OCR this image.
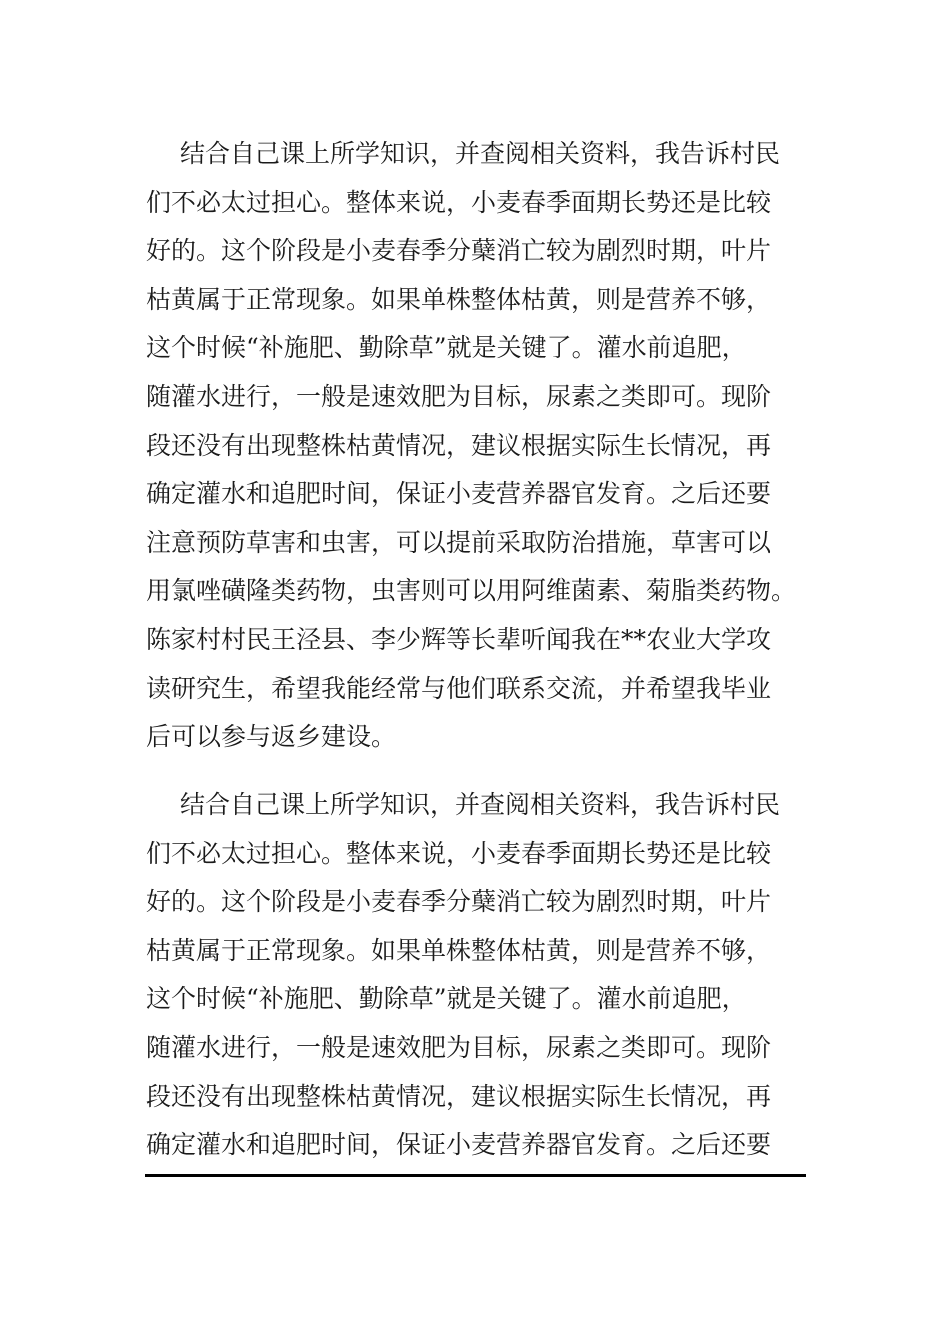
结合自己课上所学知识，并查阅相关资料，我告诉村民
们不必太过担心。整体来说，小麦春季面期长势还是比较
好的。这个阶段是小麦春季分蘖消亡较为剧烈时期，叶片
枯黄属于正常现象。如果单株整体枯黄，则是营养不够，
这个时候“补施肥、勤除草”就是关键了。灌水前追肥，
随灌水进行，一般是速效肥为目标，尿素之类即可。现阶
段还没有出现整株枯黄情况，建议根据实际生长情况，再
确定灌水和追肥时间，保证小麦营养器官发育。之后还要
注意预防草害和虫害，可以提前采取防治措施，草害可以
用氯唑磺隆类药物，虫害则可以用阿维菌素、菊脂类药物。
陈家村村民王泾县、李少辉等长辈听闻我在**农业大学攻
读研究生，希望我能经常与他们联系交流，并希望我毕业
后可以参与返乡建设。
结合自己课上所学知识，并查阅相关资料，我告诉村民
们不必太过担心。整体来说，小麦春季面期长势还是比较
好的。这个阶段是小麦春季分蘖消亡较为剧烈时期，叶片
枯黄属于正常现象。如果单株整体枯黄，则是营养不够，
这个时候“补施肥、勤除草”就是关键了。灌水前追肥，
随灌水进行，一般是速效肥为目标，尿素之类即可。现阶
段还没有出现整株枯黄情况，建议根据实际生长情况，再
确定灌水和追肥时间，保证小麦营养器官发育。之后还要
